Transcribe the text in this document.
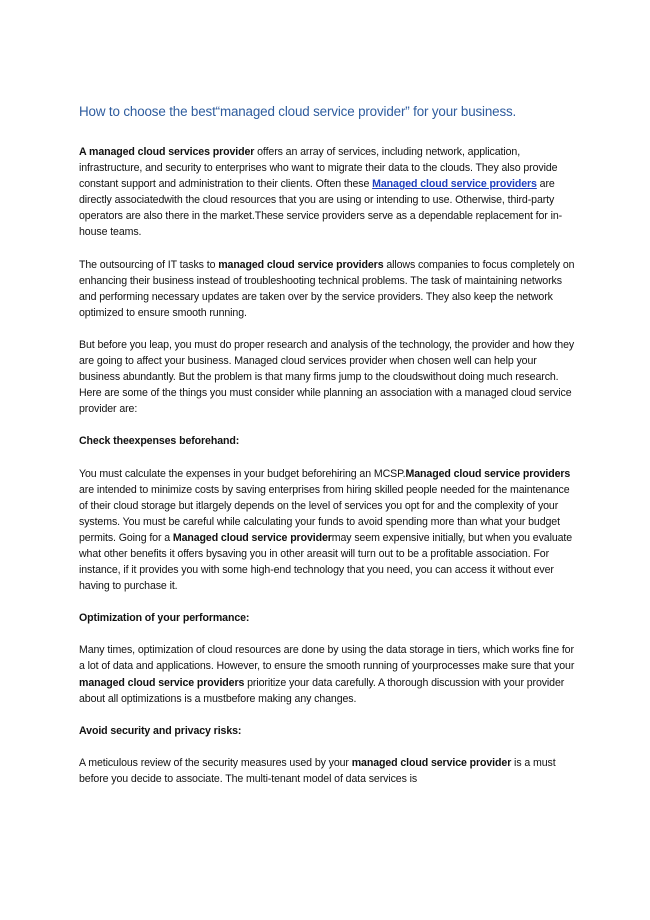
How to choose the best“managed cloud service provider” for your business.

A managed cloud services provider offers an array of services, including network, application, infrastructure, and security to enterprises who want to migrate their data to the clouds. They also provide constant support and administration to their clients. Often these Managed cloud service providers are directly associatedwith the cloud resources that you are using or intending to use. Otherwise, third-party operators are also there in the market.These service providers serve as a dependable replacement for in-house teams.

The outsourcing of IT tasks to managed cloud service providers allows companies to focus completely on enhancing their business instead of troubleshooting technical problems. The task of maintaining networks and performing necessary updates are taken over by the service providers. They also keep the network optimized to ensure smooth running.

But before you leap, you must do proper research and analysis of the technology, the provider and how they are going to affect your business. Managed cloud services provider when chosen well can help your business abundantly. But the problem is that many firms jump to the cloudswithout doing much research. Here are some of the things you must consider while planning an association with a managed cloud service provider are:

Check theexpenses beforehand:

You must calculate the expenses in your budget beforehiring an MCSP.Managed cloud service providers are intended to minimize costs by saving enterprises from hiring skilled people needed for the maintenance of their cloud storage but itlargely depends on the level of services you opt for and the complexity of your systems. You must be careful while calculating your funds to avoid spending more than what your budget permits. Going for a Managed cloud service providermay seem expensive initially, but when you evaluate what other benefits it offers bysaving you in other areasit will turn out to be a profitable association. For instance, if it provides you with some high-end technology that you need, you can access it without ever having to purchase it.

Optimization of your performance:

Many times, optimization of cloud resources are done by using the data storage in tiers, which works fine for a lot of data and applications. However, to ensure the smooth running of yourprocesses make sure that your managed cloud service providers prioritize your data carefully. A thorough discussion with your provider about all optimizations is a mustbefore making any changes.

Avoid security and privacy risks:

A meticulous review of the security measures used by your managed cloud service provider is a must before you decide to associate. The multi-tenant model of data services is
